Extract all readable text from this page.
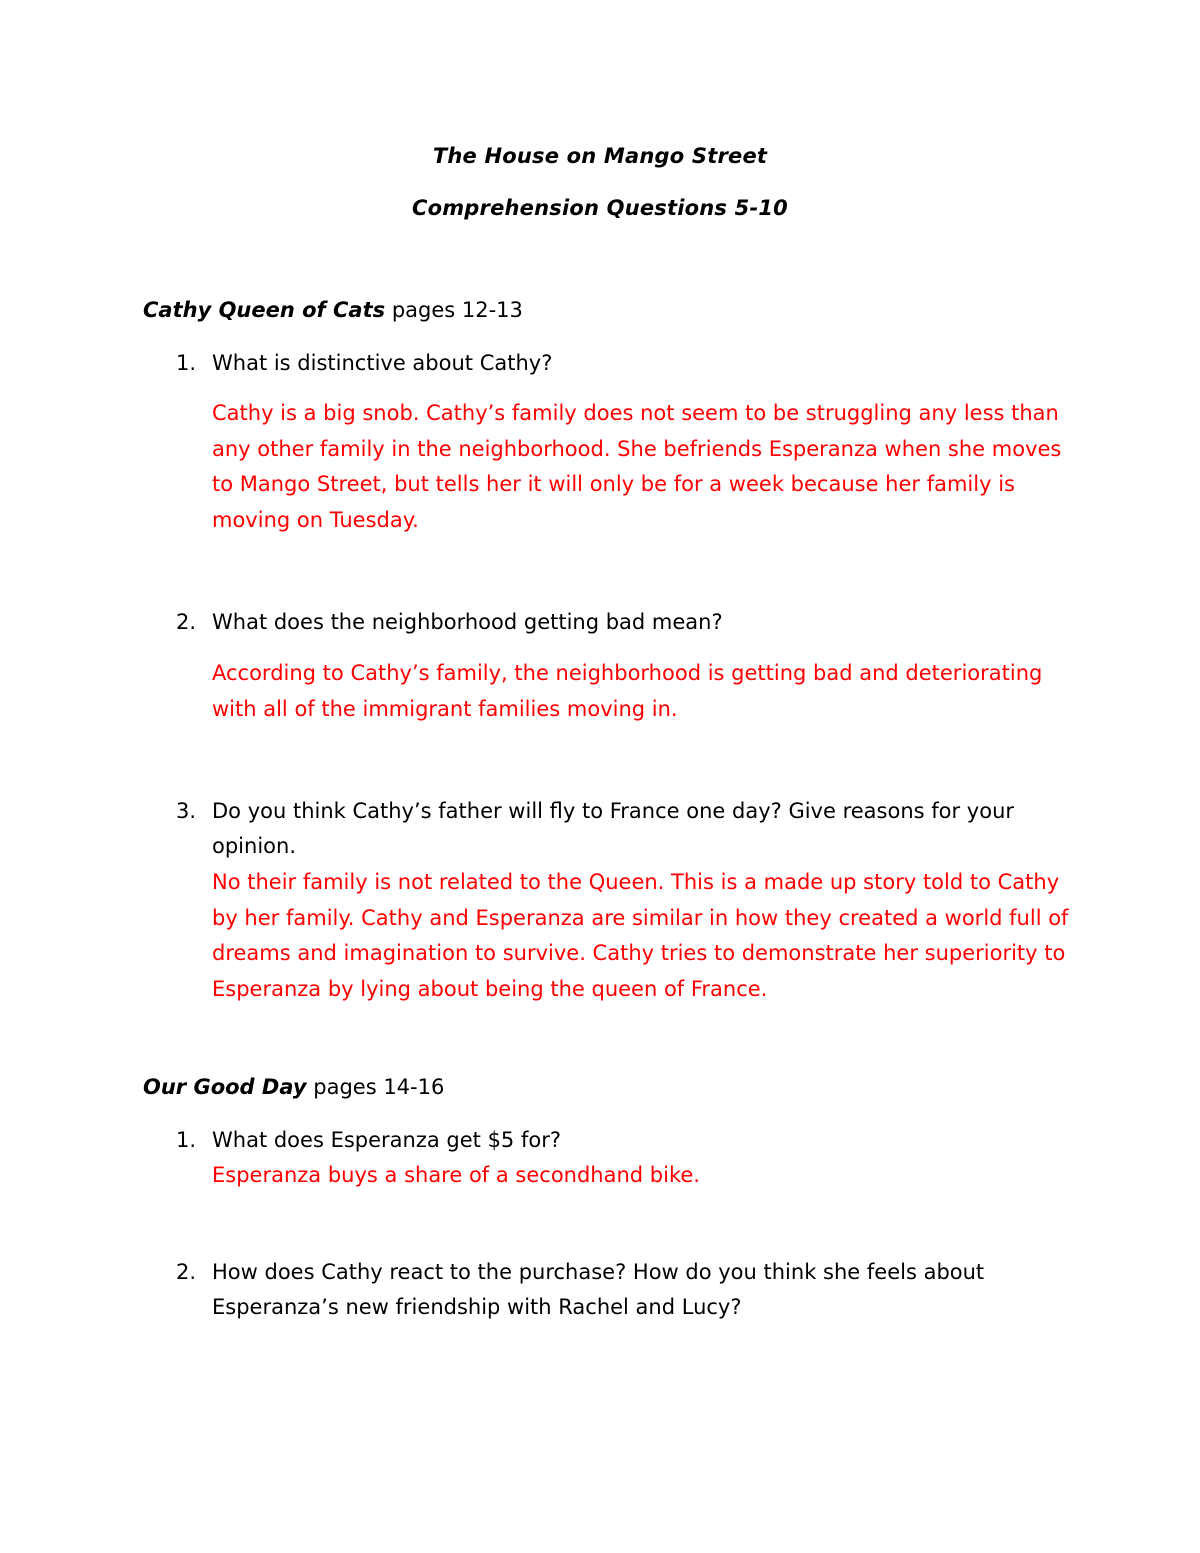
The House on Mango Street
Comprehension Questions 5-10
Cathy Queen of Cats pages 12-13
1. What is distinctive about Cathy?
Cathy is a big snob. Cathy’s family does not seem to be struggling any less than any other family in the neighborhood. She befriends Esperanza when she moves to Mango Street, but tells her it will only be for a week because her family is moving on Tuesday.
2. What does the neighborhood getting bad mean?
According to Cathy’s family, the neighborhood is getting bad and deteriorating with all of the immigrant families moving in.
3. Do you think Cathy’s father will fly to France one day? Give reasons for your opinion.
No their family is not related to the Queen. This is a made up story told to Cathy by her family. Cathy and Esperanza are similar in how they created a world full of dreams and imagination to survive. Cathy tries to demonstrate her superiority to Esperanza by lying about being the queen of France.
Our Good Day pages 14-16
1. What does Esperanza get $5 for?
Esperanza buys a share of a secondhand bike.
2. How does Cathy react to the purchase? How do you think she feels about Esperanza’s new friendship with Rachel and Lucy?
